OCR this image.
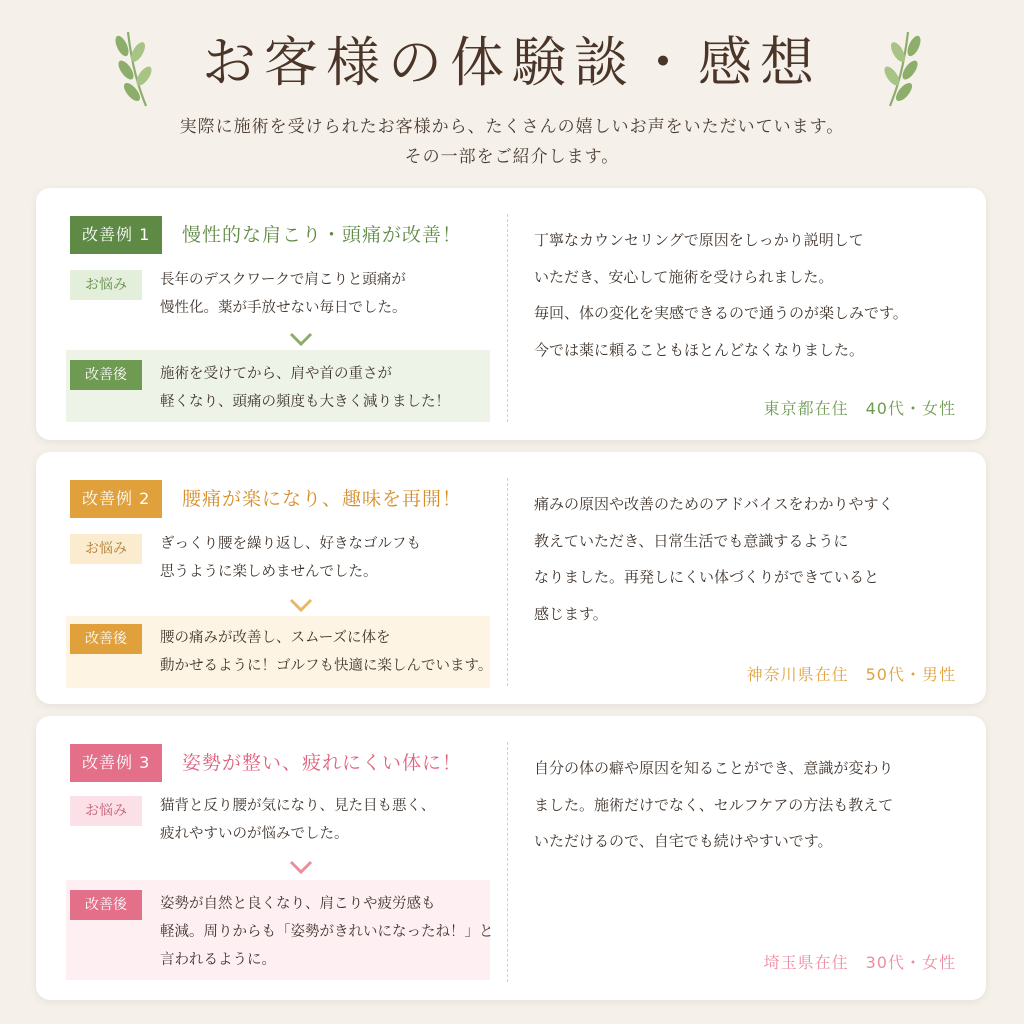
お客様の体験談・感想
実際に施術を受けられたお客様から、たくさんの嬉しいお声をいただいています。
その一部をご紹介します。
改善例 1	慢性的な肩こり・頭痛が改善！
お悩み	長年のデスクワークで肩こりと頭痛が
慢性化。薬が手放せない毎日でした。
改善後	施術を受けてから、肩や首の重さが
軽くなり、頭痛の頻度も大きく減りました！
丁寧なカウンセリングで原因をしっかり説明して
いただき、安心して施術を受けられました。
毎回、体の変化を実感できるので通うのが楽しみです。
今では薬に頼ることもほとんどなくなりました。
東京都在住　40代・女性
改善例 2	腰痛が楽になり、趣味を再開！
お悩み	ぎっくり腰を繰り返し、好きなゴルフも
思うように楽しめませんでした。
改善後	腰の痛みが改善し、スムーズに体を
動かせるように！ゴルフも快適に楽しんでいます。
痛みの原因や改善のためのアドバイスをわかりやすく
教えていただき、日常生活でも意識するように
なりました。再発しにくい体づくりができていると
感じます。
神奈川県在住　50代・男性
改善例 3	姿勢が整い、疲れにくい体に！
お悩み	猫背と反り腰が気になり、見た目も悪く、
疲れやすいのが悩みでした。
改善後	姿勢が自然と良くなり、肩こりや疲労感も
軽減。周りからも「姿勢がきれいになったね！」と
言われるように。
自分の体の癖や原因を知ることができ、意識が変わり
ました。施術だけでなく、セルフケアの方法も教えて
いただけるので、自宅でも続けやすいです。
埼玉県在住　30代・女性
